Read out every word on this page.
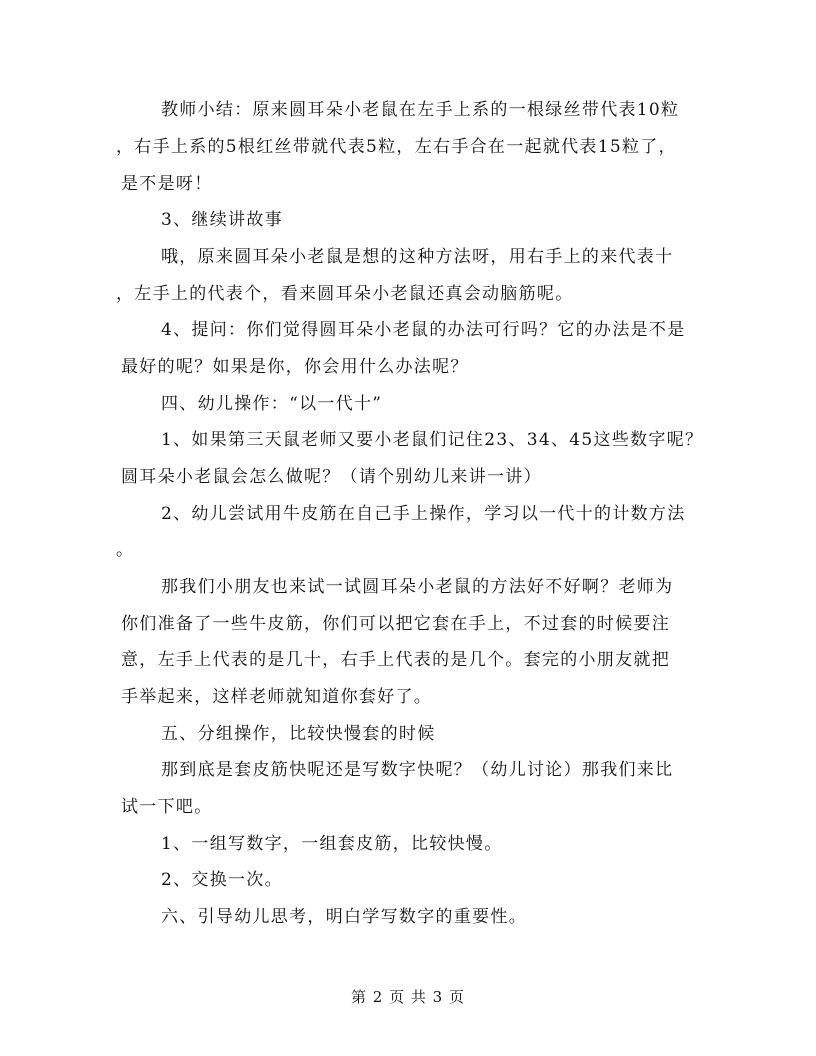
教师小结：原来圆耳朵小老鼠在左手上系的一根绿丝带代表10粒
，右手上系的5根红丝带就代表5粒，左右手合在一起就代表15粒了，
是不是呀！
3、继续讲故事
哦，原来圆耳朵小老鼠是想的这种方法呀，用右手上的来代表十
，左手上的代表个，看来圆耳朵小老鼠还真会动脑筋呢。
4、提问：你们觉得圆耳朵小老鼠的办法可行吗？它的办法是不是
最好的呢？如果是你，你会用什么办法呢？
四、幼儿操作：“以一代十”
1、如果第三天鼠老师又要小老鼠们记住23、34、45这些数字呢？
圆耳朵小老鼠会怎么做呢？（请个别幼儿来讲一讲）
2、幼儿尝试用牛皮筋在自己手上操作，学习以一代十的计数方法
。
那我们小朋友也来试一试圆耳朵小老鼠的方法好不好啊？老师为
你们准备了一些牛皮筋，你们可以把它套在手上，不过套的时候要注
意，左手上代表的是几十，右手上代表的是几个。套完的小朋友就把
手举起来，这样老师就知道你套好了。
五、分组操作，比较快慢套的时候
那到底是套皮筋快呢还是写数字快呢？（幼儿讨论）那我们来比
试一下吧。
1、一组写数字，一组套皮筋，比较快慢。
2、交换一次。
六、引导幼儿思考，明白学写数字的重要性。
第 2 页 共 3 页
